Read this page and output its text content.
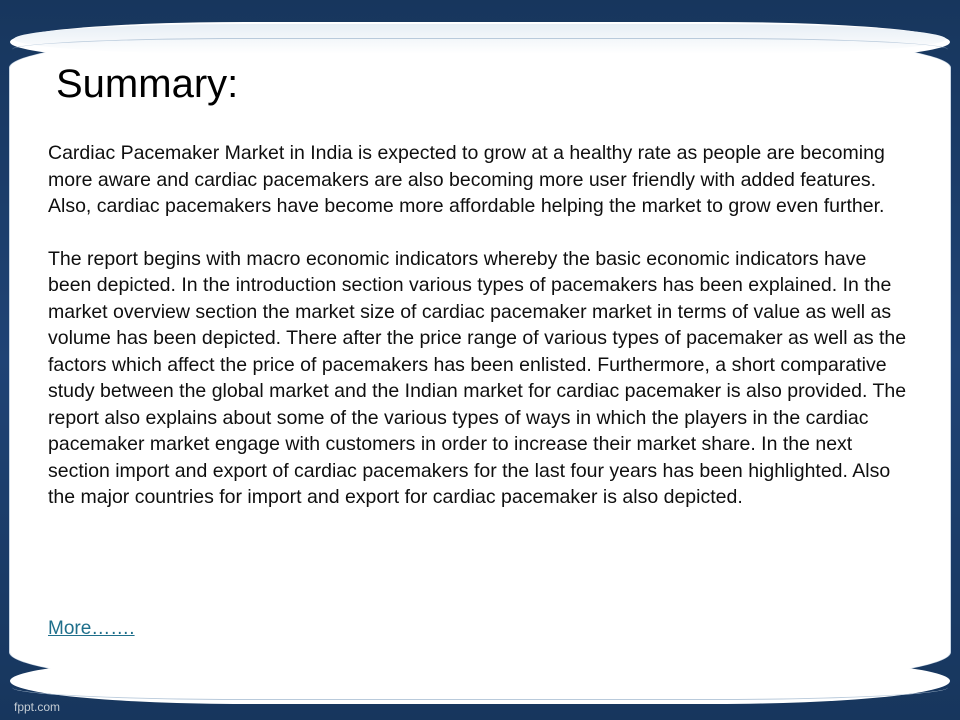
Summary:

Cardiac Pacemaker Market in India is expected to grow at a healthy rate as people are becoming more aware and cardiac pacemakers are also becoming more user friendly with added features. Also, cardiac pacemakers have become more affordable helping the market to grow even further.

The report begins with macro economic indicators whereby the basic economic indicators have been depicted. In the introduction section various types of pacemakers has been explained. In the market overview section the market size of cardiac pacemaker market in terms of value as well as volume has been depicted. There after the price range of various types of pacemaker as well as the factors which affect the price of pacemakers has been enlisted. Furthermore, a short comparative study between the global market and the Indian market for cardiac pacemaker is also provided. The report also explains about some of the various types of ways in which the players in the cardiac pacemaker market engage with customers in order to increase their market share. In the next section import and export of cardiac pacemakers for the last four years has been highlighted. Also the major countries for import and export for cardiac pacemaker is also depicted.

More…….
fppt.com
